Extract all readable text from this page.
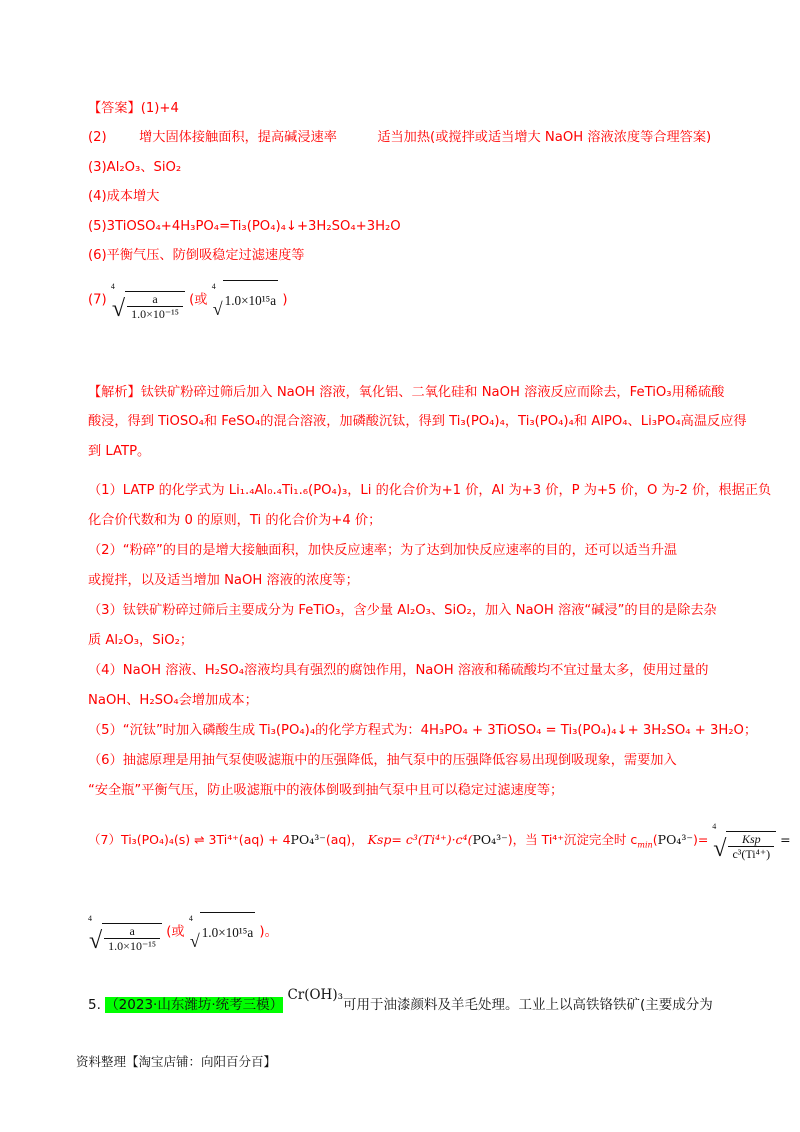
【答案】(1)+4
(2) 增大固体接触面积，提高碱浸速率	适当加热(或搅拌或适当增大 NaOH 溶液浓度等合理答案)
(3)Al₂O₃、SiO₂
(4)成本增大
(5)3TiOSO₄+4H₃PO₄=Ti₃(PO₄)₄↓+3H₂SO₄+3H₂O
(6)平衡气压、防倒吸稳定过滤速度等
(7)
4
√ $\frac{a}{\text{1.0×10⁻¹⁵}}$ (或
4
√ 1.0×10¹⁵a )
【解析】钛铁矿粉碎过筛后加入 NaOH 溶液，氧化铝、二氧化硅和 NaOH 溶液反应而除去，FeTiO₃用稀硫酸
酸浸，得到 TiOSO₄和 FeSO₄的混合溶液，加磷酸沉钛，得到 Ti₃(PO₄)₄，Ti₃(PO₄)₄和 AlPO₄、Li₃PO₄高温反应得
到 LATP。
（1）LATP 的化学式为 Li₁.₄Al₀.₄Ti₁.₆(PO₄)₃，Li 的化合价为+1 价，Al 为+3 价，P 为+5 价，O 为-2 价，根据正负
化合价代数和为 0 的原则，Ti 的化合价为+4 价；
（2）“粉碎”的目的是增大接触面积，加快反应速率；为了达到加快反应速率的目的，还可以适当升温
或搅拌，以及适当增加 NaOH 溶液的浓度等；
（3）钛铁矿粉碎过筛后主要成分为 FeTiO₃，含少量 Al₂O₃、SiO₂，加入 NaOH 溶液“碱浸”的目的是除去杂
质 Al₂O₃，SiO₂；
（4）NaOH 溶液、H₂SO₄溶液均具有强烈的腐蚀作用，NaOH 溶液和稀硫酸均不宜过量太多，使用过量的
NaOH、H₂SO₄会增加成本；
（5）“沉钛”时加入磷酸生成 Ti₃(PO₄)₄的化学方程式为：4H₃PO₄ + 3TiOSO₄ = Ti₃(PO₄)₄↓+ 3H₂SO₄ + 3H₂O；
（6）抽滤原理是用抽气泵使吸滤瓶中的压强降低，抽气泵中的压强降低容易出现倒吸现象，需要加入
“安全瓶”平衡气压，防止吸滤瓶中的液体倒吸到抽气泵中且可以稳定过滤速度等；
（7）Ti₃(PO₄)₄(s) ⇌ 3Ti⁴⁺(aq) + 4PO₄³⁻(aq)， Ksp= c³(Ti⁴⁺)·c⁴(PO₄³⁻)，当 Ti⁴⁺沉淀完全时 $c_{min}(PO_4^{3-})=$
4
√ $\frac{\text{Ksp}}{\text{c³(Ti⁴⁺)}}$ =
4
√ $\frac{a}{\text{1.0×10⁻¹⁵}}$ (或
4
√ 1.0×10¹⁵a )。
5. （2023·山东潍坊·统考三模） Cr(OH)₃可用于油漆颜料及羊毛处理。工业上以高铁铬铁矿(主要成分为
资料整理【淘宝店铺：向阳百分百】
